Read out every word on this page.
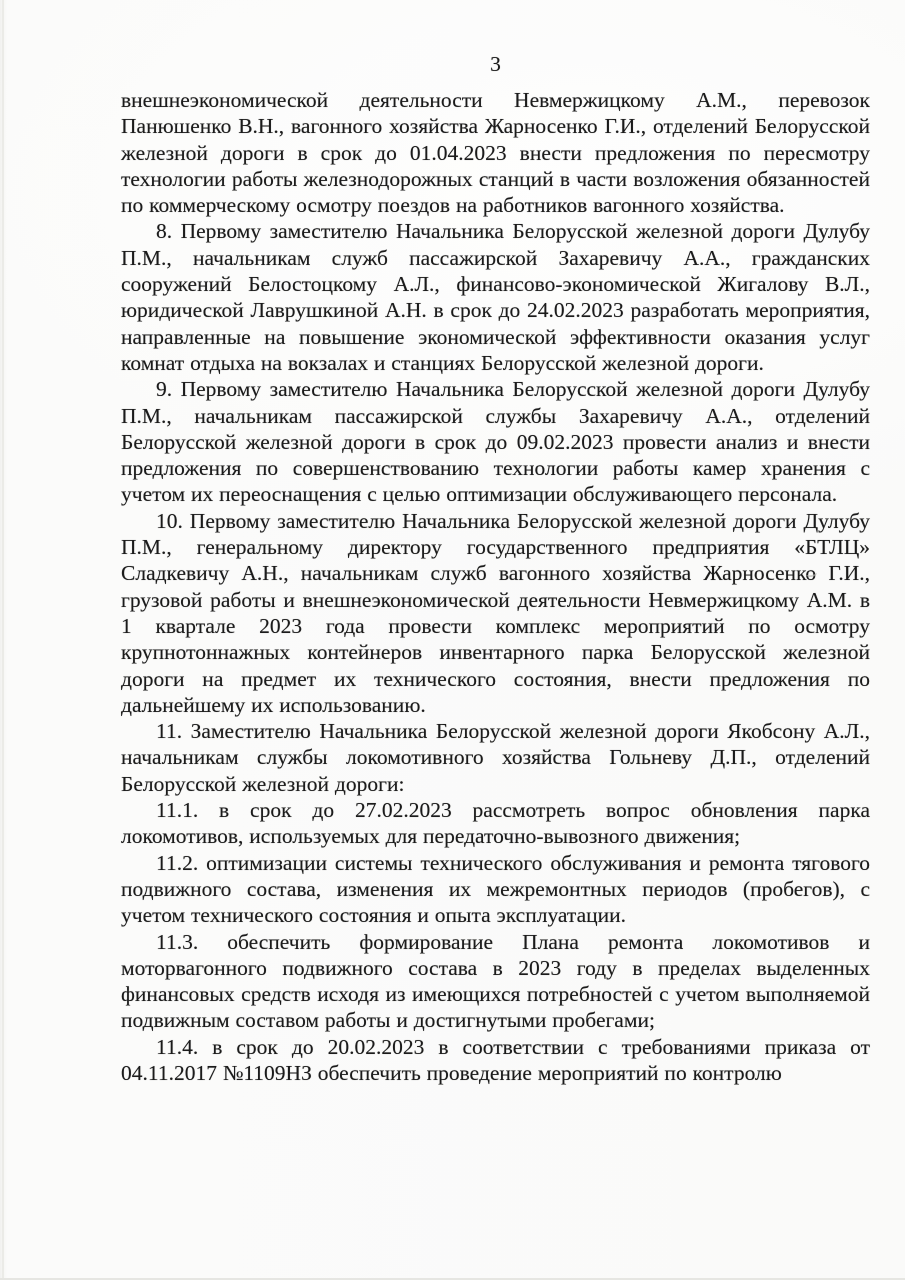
3

внешнеэкономической деятельности Невмержицкому А.М., перевозок Панюшенко В.Н., вагонного хозяйства Жарносенко Г.И., отделений Белорусской железной дороги в срок до 01.04.2023 внести предложения по пересмотру технологии работы железнодорожных станций в части возложения обязанностей по коммерческому осмотру поездов на работников вагонного хозяйства.

8. Первому заместителю Начальника Белорусской железной дороги Дулубу П.М., начальникам служб пассажирской Захаревичу А.А., гражданских сооружений Белостоцкому А.Л., финансово-экономической Жигалову В.Л., юридической Лаврушкиной А.Н. в срок до 24.02.2023 разработать мероприятия, направленные на повышение экономической эффективности оказания услуг комнат отдыха на вокзалах и станциях Белорусской железной дороги.

9. Первому заместителю Начальника Белорусской железной дороги Дулубу П.М., начальникам пассажирской службы Захаревичу А.А., отделений Белорусской железной дороги в срок до 09.02.2023 провести анализ и внести предложения по совершенствованию технологии работы камер хранения с учетом их переоснащения с целью оптимизации обслуживающего персонала.

10. Первому заместителю Начальника Белорусской железной дороги Дулубу П.М., генеральному директору государственного предприятия «БТЛЦ» Сладкевичу А.Н., начальникам служб вагонного хозяйства Жарносенко Г.И., грузовой работы и внешнеэкономической деятельности Невмержицкому А.М. в 1 квартале 2023 года провести комплекс мероприятий по осмотру крупнотоннажных контейнеров инвентарного парка Белорусской железной дороги на предмет их технического состояния, внести предложения по дальнейшему их использованию.

11. Заместителю Начальника Белорусской железной дороги Якобсону А.Л., начальникам службы локомотивного хозяйства Гольневу Д.П., отделений Белорусской железной дороги:

11.1. в срок до 27.02.2023 рассмотреть вопрос обновления парка локомотивов, используемых для передаточно-вывозного движения;

11.2. оптимизации системы технического обслуживания и ремонта тягового подвижного состава, изменения их межремонтных периодов (пробегов), с учетом технического состояния и опыта эксплуатации.

11.3. обеспечить формирование Плана ремонта локомотивов и моторвагонного подвижного состава в 2023 году в пределах выделенных финансовых средств исходя из имеющихся потребностей с учетом выполняемой подвижным составом работы и достигнутыми пробегами;

11.4. в срок до 20.02.2023 в соответствии с требованиями приказа от 04.11.2017 №1109НЗ обеспечить проведение мероприятий по контролю
